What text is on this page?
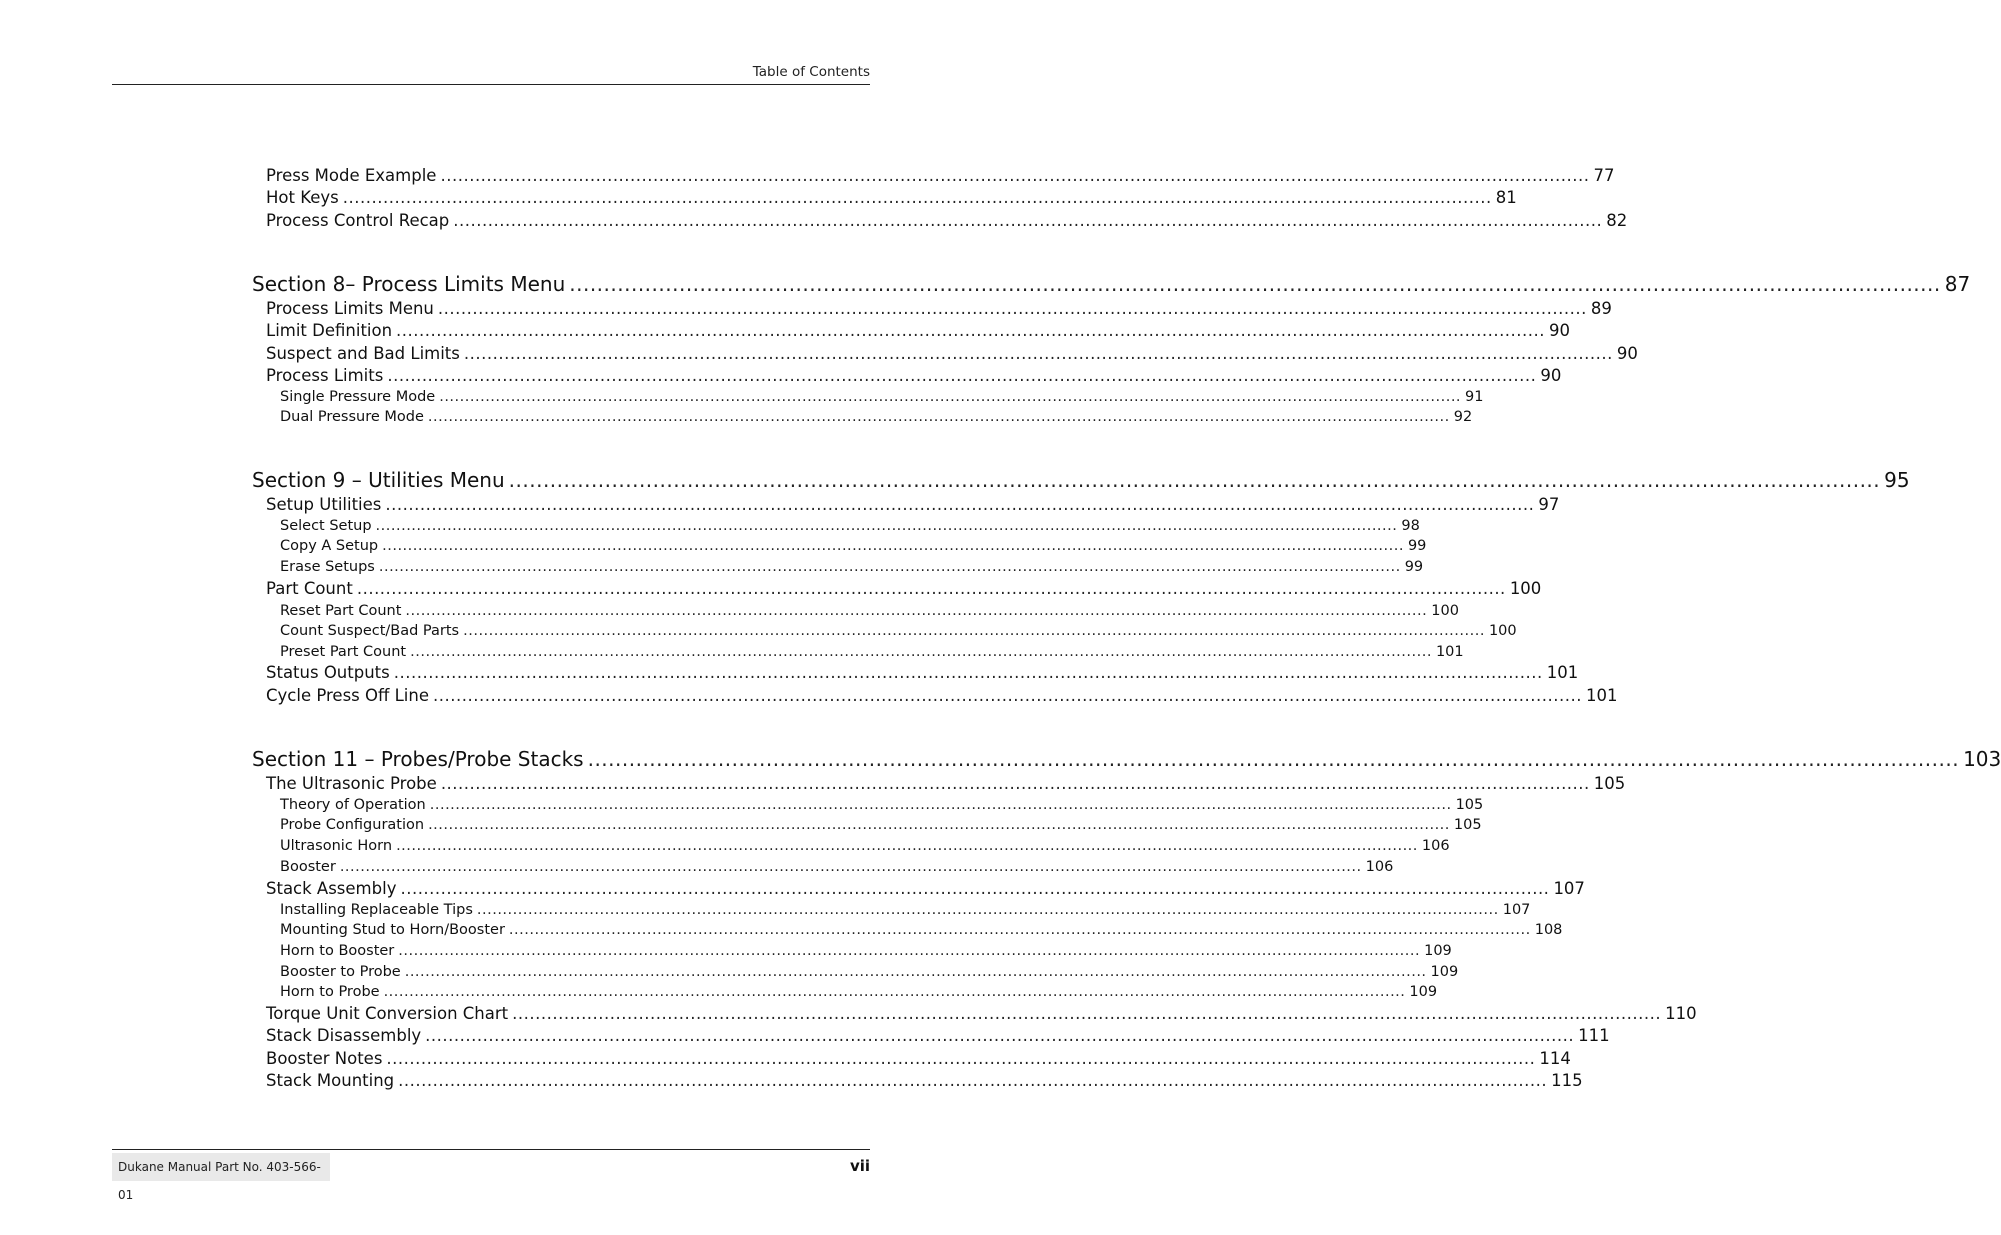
Table of Contents
Press Mode Example ........................................................................................................................................................................................................ 77
Hot Keys ........................................................................................................................................................................................................ 81
Process Control Recap ........................................................................................................................................................................................................ 82
Section 8– Process Limits Menu ........................................................................................................................................................................................................ 87
Process Limits Menu ........................................................................................................................................................................................................ 89
Limit Definition ........................................................................................................................................................................................................ 90
Suspect and Bad Limits ........................................................................................................................................................................................................ 90
Process Limits ........................................................................................................................................................................................................ 90
Single Pressure Mode ........................................................................................................................................................................................................ 91
Dual Pressure Mode ........................................................................................................................................................................................................ 92
Section 9 – Utilities Menu ........................................................................................................................................................................................................ 95
Setup Utilities ........................................................................................................................................................................................................ 97
Select Setup ........................................................................................................................................................................................................ 98
Copy A Setup ........................................................................................................................................................................................................ 99
Erase Setups ........................................................................................................................................................................................................ 99
Part Count ........................................................................................................................................................................................................ 100
Reset Part Count ........................................................................................................................................................................................................ 100
Count Suspect/Bad Parts ........................................................................................................................................................................................................ 100
Preset Part Count ........................................................................................................................................................................................................ 101
Status Outputs ........................................................................................................................................................................................................ 101
Cycle Press Off Line ........................................................................................................................................................................................................ 101
Section 11 – Probes/Probe Stacks ........................................................................................................................................................................................................ 103
The Ultrasonic Probe ........................................................................................................................................................................................................ 105
Theory of Operation ........................................................................................................................................................................................................ 105
Probe Configuration ........................................................................................................................................................................................................ 105
Ultrasonic Horn ........................................................................................................................................................................................................ 106
Booster ........................................................................................................................................................................................................ 106
Stack Assembly ........................................................................................................................................................................................................ 107
Installing Replaceable Tips ........................................................................................................................................................................................................ 107
Mounting Stud to Horn/Booster ........................................................................................................................................................................................................ 108
Horn to Booster ........................................................................................................................................................................................................ 109
Booster to Probe ........................................................................................................................................................................................................ 109
Horn to Probe ........................................................................................................................................................................................................ 109
Torque Unit Conversion Chart ........................................................................................................................................................................................................ 110
Stack Disassembly ........................................................................................................................................................................................................ 111
Booster Notes ........................................................................................................................................................................................................ 114
Stack Mounting ........................................................................................................................................................................................................ 115
Dukane Manual Part No. 403-566-01
vii
